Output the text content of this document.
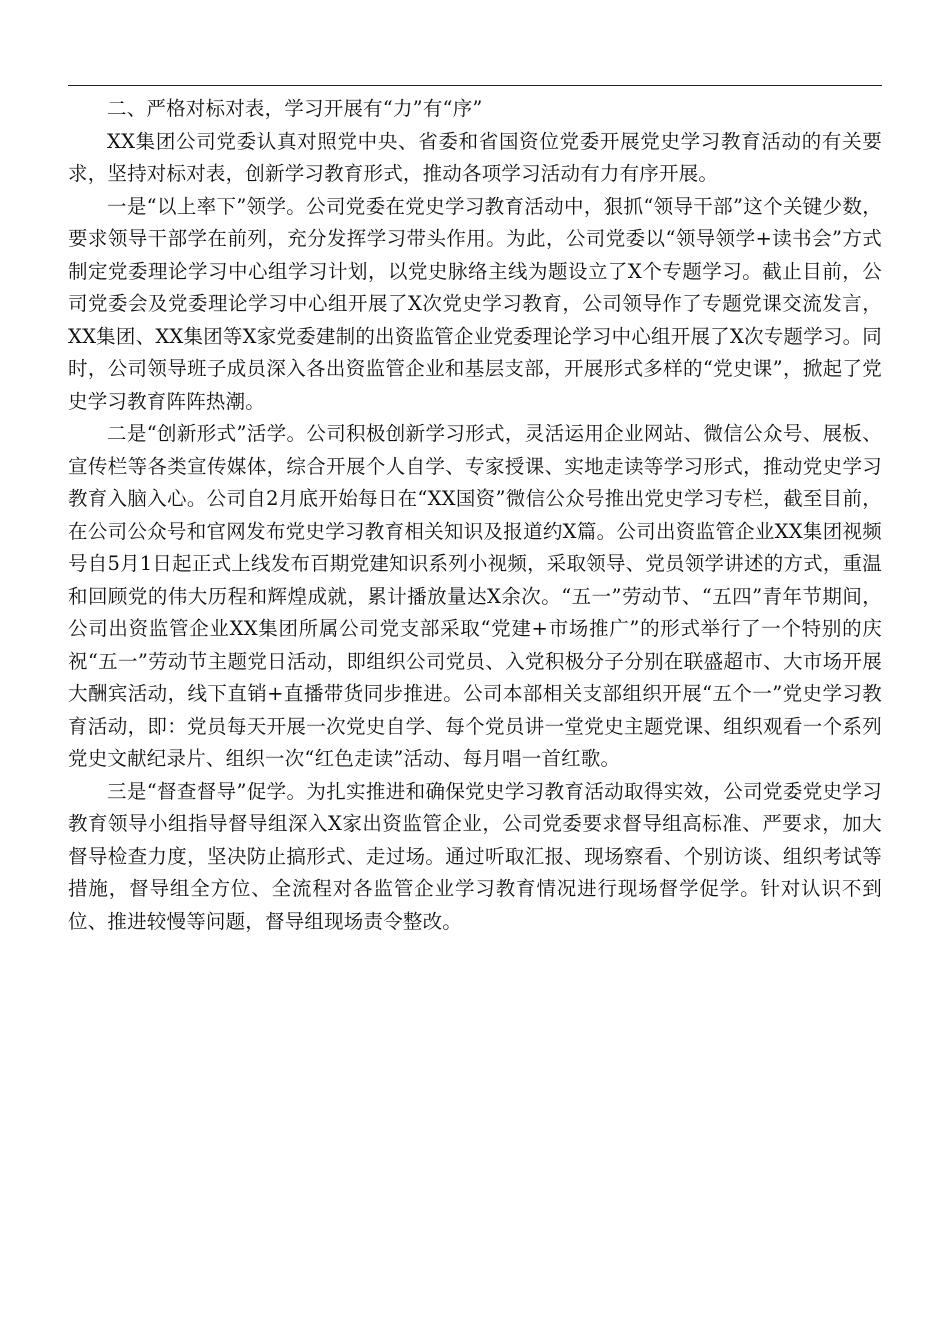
二、严格对标对表，学习开展有“力”有“序”

XX集团公司党委认真对照党中央、省委和省国资位党委开展党史学习教育活动的有关要求，坚持对标对表，创新学习教育形式，推动各项学习活动有力有序开展。

一是“以上率下”领学。公司党委在党史学习教育活动中，狠抓“领导干部”这个关键少数，要求领导干部学在前列，充分发挥学习带头作用。为此，公司党委以“领导领学+读书会”方式制定党委理论学习中心组学习计划，以党史脉络主线为题设立了X个专题学习。截止目前，公司党委会及党委理论学习中心组开展了X次党史学习教育，公司领导作了专题党课交流发言，XX集团、XX集团等X家党委建制的出资监管企业党委理论学习中心组开展了X次专题学习。同时，公司领导班子成员深入各出资监管企业和基层支部，开展形式多样的“党史课”，掀起了党史学习教育阵阵热潮。

二是“创新形式”活学。公司积极创新学习形式，灵活运用企业网站、微信公众号、展板、宣传栏等各类宣传媒体，综合开展个人自学、专家授课、实地走读等学习形式，推动党史学习教育入脑入心。公司自2月底开始每日在“XX国资”微信公众号推出党史学习专栏，截至目前，在公司公众号和官网发布党史学习教育相关知识及报道约X篇。公司出资监管企业XX集团视频号自5月1日起正式上线发布百期党建知识系列小视频，采取领导、党员领学讲述的方式，重温和回顾党的伟大历程和辉煌成就，累计播放量达X余次。“五一”劳动节、“五四”青年节期间，公司出资监管企业XX集团所属公司党支部采取“党建+市场推广”的形式举行了一个特别的庆祝“五一”劳动节主题党日活动，即组织公司党员、入党积极分子分别在联盛超市、大市场开展大酬宾活动，线下直销+直播带货同步推进。公司本部相关支部组织开展“五个一”党史学习教育活动，即：党员每天开展一次党史自学、每个党员讲一堂党史主题党课、组织观看一个系列党史文献纪录片、组织一次“红色走读”活动、每月唱一首红歌。

三是“督查督导”促学。为扎实推进和确保党史学习教育活动取得实效，公司党委党史学习教育领导小组指导督导组深入X家出资监管企业，公司党委要求督导组高标准、严要求，加大督导检查力度，坚决防止搞形式、走过场。通过听取汇报、现场察看、个别访谈、组织考试等措施，督导组全方位、全流程对各监管企业学习教育情况进行现场督学促学。针对认识不到位、推进较慢等问题，督导组现场责令整改。
